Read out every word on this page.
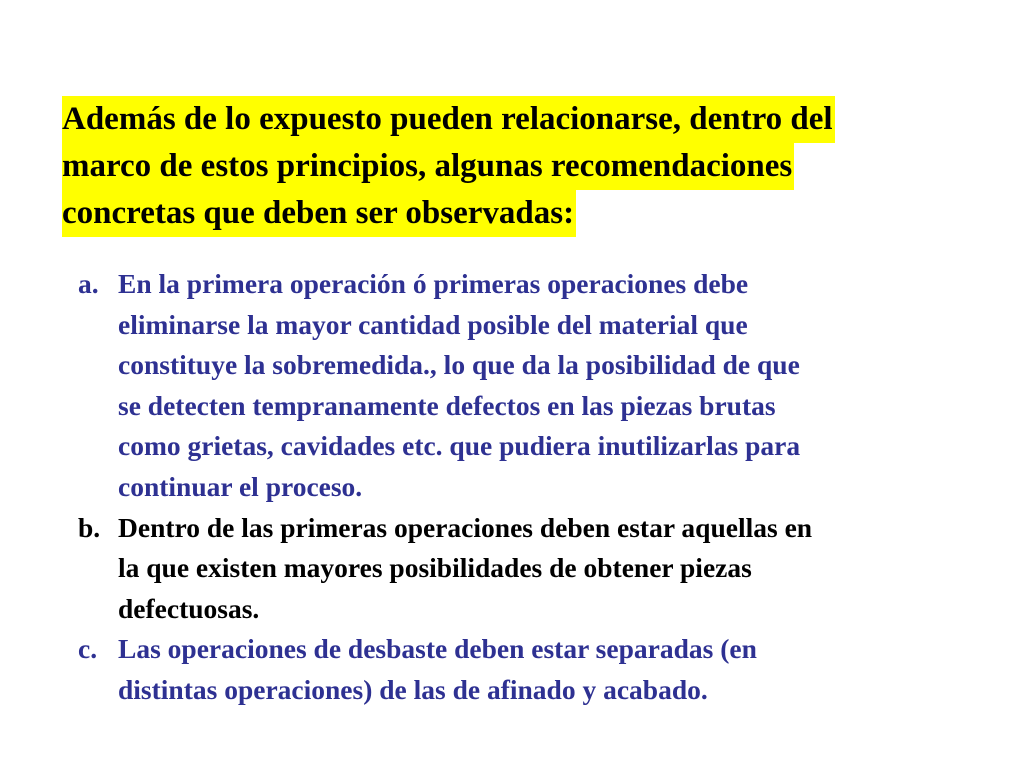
Además de lo expuesto pueden relacionarse, dentro del
marco de estos principios, algunas recomendaciones
concretas que deben ser observadas:
a. En la primera operación ó primeras operaciones debe
eliminarse la mayor cantidad posible del material que
constituye la sobremedida., lo que da la posibilidad de que
se detecten tempranamente defectos en las piezas brutas
como grietas, cavidades etc. que pudiera inutilizarlas para
continuar el proceso.
b. Dentro de las primeras operaciones deben estar aquellas en
la que existen mayores posibilidades de obtener piezas
defectuosas.
c. Las operaciones de desbaste deben estar separadas (en
distintas operaciones) de las de afinado y acabado.
